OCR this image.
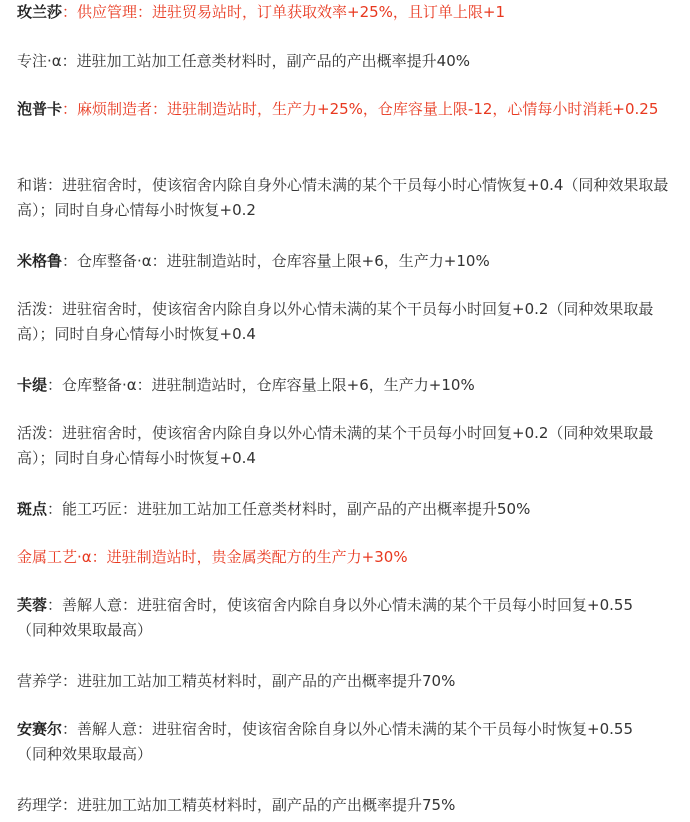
玫兰莎：供应管理：进驻贸易站时，订单获取效率+25%，且订单上限+1

专注·α：进驻加工站加工任意类材料时，副产品的产出概率提升40%

泡普卡：麻烦制造者：进驻制造站时，生产力+25%，仓库容量上限-12，心情每小时消耗+0.25

和谐：进驻宿舍时，使该宿舍内除自身外心情未满的某个干员每小时心情恢复+0.4（同种效果取最高）；同时自身心情每小时恢复+0.2

米格鲁：仓库整备·α：进驻制造站时，仓库容量上限+6，生产力+10%

活泼：进驻宿舍时，使该宿舍内除自身以外心情未满的某个干员每小时回复+0.2（同种效果取最高）；同时自身心情每小时恢复+0.4

卡缇：仓库整备·α：进驻制造站时，仓库容量上限+6，生产力+10%

活泼：进驻宿舍时，使该宿舍内除自身以外心情未满的某个干员每小时回复+0.2（同种效果取最高）；同时自身心情每小时恢复+0.4

斑点：能工巧匠：进驻加工站加工任意类材料时，副产品的产出概率提升50%

金属工艺·α：进驻制造站时，贵金属类配方的生产力+30%

芙蓉：善解人意：进驻宿舍时，使该宿舍内除自身以外心情未满的某个干员每小时回复+0.55（同种效果取最高）

营养学：进驻加工站加工精英材料时，副产品的产出概率提升70%

安赛尔：善解人意：进驻宿舍时，使该宿舍除自身以外心情未满的某个干员每小时恢复+0.55（同种效果取最高）

药理学：进驻加工站加工精英材料时，副产品的产出概率提升75%
